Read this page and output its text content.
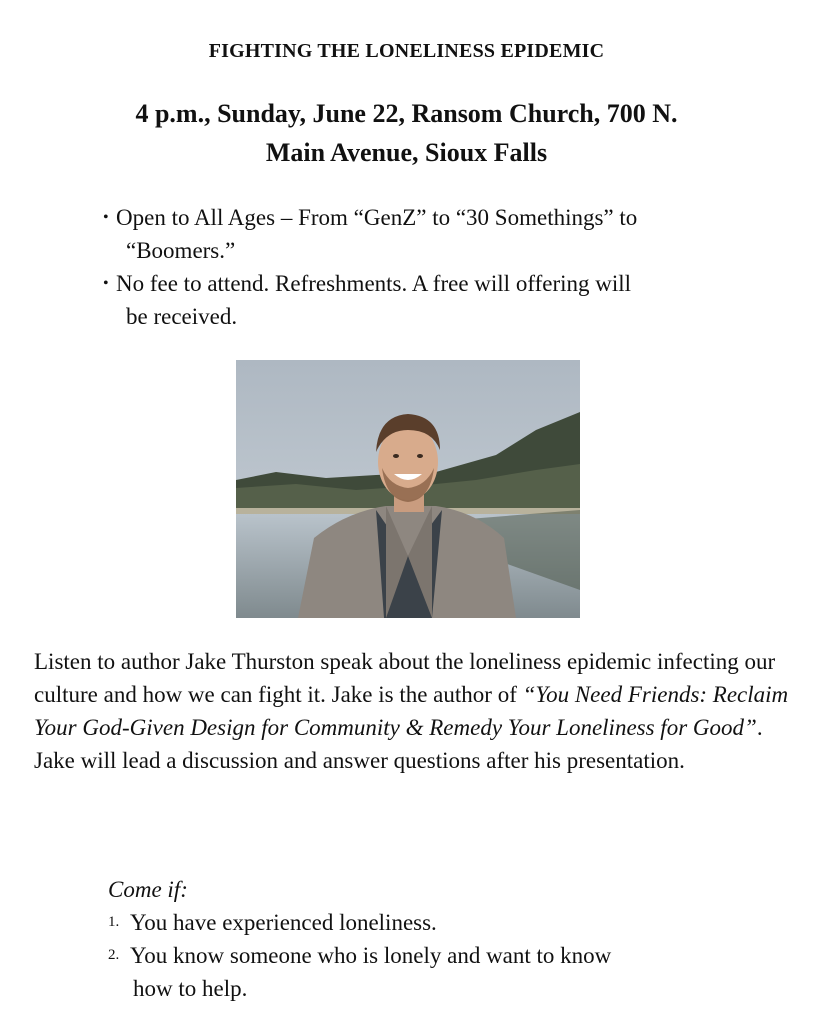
FIGHTING THE LONELINESS EPIDEMIC
4 p.m., Sunday, June 22, Ransom Church, 700 N.
Main Avenue, Sioux Falls
• Open to All Ages – From “GenZ” to “30 Somethings” to
“Boomers.”
• No fee to attend. Refreshments. A free will offering will
be received.
Listen to author Jake Thurston speak about the loneliness epidemic infecting our culture and how we can fight it. Jake is the author of “You Need Friends: Reclaim Your God-Given Design for Community & Remedy Your Loneliness for Good”. Jake will lead a discussion and answer questions after his presentation.
Come if:
1. You have experienced loneliness.
2. You know someone who is lonely and want to know
how to help.
